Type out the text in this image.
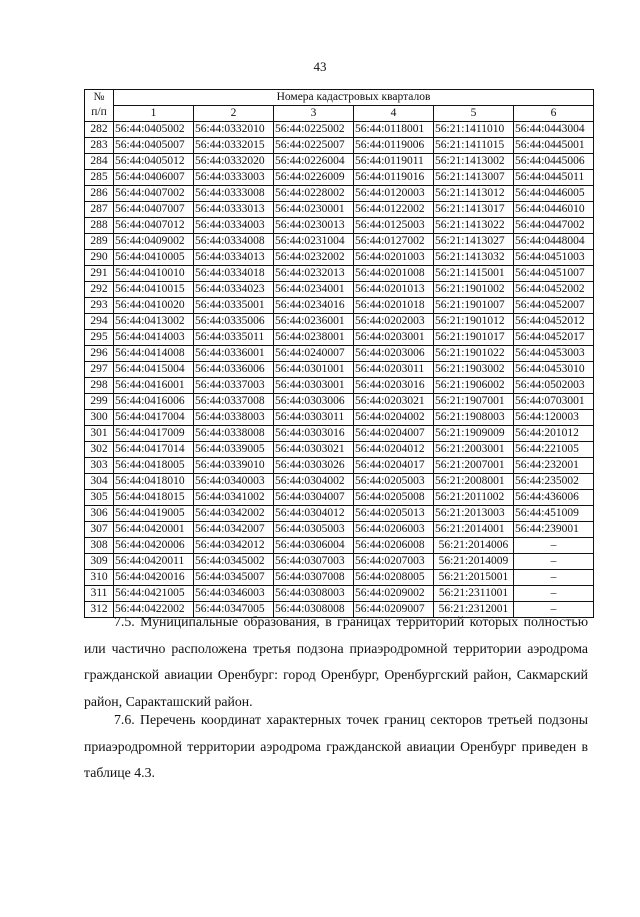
43
№
п/п	Номера кадастровых кварталов					
	1	2	3	4	5	6
282	56:44:0405002	56:44:0332010	56:44:0225002	56:44:0118001	56:21:1411010	56:44:0443004
283	56:44:0405007	56:44:0332015	56:44:0225007	56:44:0119006	56:21:1411015	56:44:0445001
284	56:44:0405012	56:44:0332020	56:44:0226004	56:44:0119011	56:21:1413002	56:44:0445006
285	56:44:0406007	56:44:0333003	56:44:0226009	56:44:0119016	56:21:1413007	56:44:0445011
286	56:44:0407002	56:44:0333008	56:44:0228002	56:44:0120003	56:21:1413012	56:44:0446005
287	56:44:0407007	56:44:0333013	56:44:0230001	56:44:0122002	56:21:1413017	56:44:0446010
288	56:44:0407012	56:44:0334003	56:44:0230013	56:44:0125003	56:21:1413022	56:44:0447002
289	56:44:0409002	56:44:0334008	56:44:0231004	56:44:0127002	56:21:1413027	56:44:0448004
290	56:44:0410005	56:44:0334013	56:44:0232002	56:44:0201003	56:21:1413032	56:44:0451003
291	56:44:0410010	56:44:0334018	56:44:0232013	56:44:0201008	56:21:1415001	56:44:0451007
292	56:44:0410015	56:44:0334023	56:44:0234001	56:44:0201013	56:21:1901002	56:44:0452002
293	56:44:0410020	56:44:0335001	56:44:0234016	56:44:0201018	56:21:1901007	56:44:0452007
294	56:44:0413002	56:44:0335006	56:44:0236001	56:44:0202003	56:21:1901012	56:44:0452012
295	56:44:0414003	56:44:0335011	56:44:0238001	56:44:0203001	56:21:1901017	56:44:0452017
296	56:44:0414008	56:44:0336001	56:44:0240007	56:44:0203006	56:21:1901022	56:44:0453003
297	56:44:0415004	56:44:0336006	56:44:0301001	56:44:0203011	56:21:1903002	56:44:0453010
298	56:44:0416001	56:44:0337003	56:44:0303001	56:44:0203016	56:21:1906002	56:44:0502003
299	56:44:0416006	56:44:0337008	56:44:0303006	56:44:0203021	56:21:1907001	56:44:0703001
300	56:44:0417004	56:44:0338003	56:44:0303011	56:44:0204002	56:21:1908003	56:44:120003
301	56:44:0417009	56:44:0338008	56:44:0303016	56:44:0204007	56:21:1909009	56:44:201012
302	56:44:0417014	56:44:0339005	56:44:0303021	56:44:0204012	56:21:2003001	56:44:221005
303	56:44:0418005	56:44:0339010	56:44:0303026	56:44:0204017	56:21:2007001	56:44:232001
304	56:44:0418010	56:44:0340003	56:44:0304002	56:44:0205003	56:21:2008001	56:44:235002
305	56:44:0418015	56:44:0341002	56:44:0304007	56:44:0205008	56:21:2011002	56:44:436006
306	56:44:0419005	56:44:0342002	56:44:0304012	56:44:0205013	56:21:2013003	56:44:451009
307	56:44:0420001	56:44:0342007	56:44:0305003	56:44:0206003	56:21:2014001	56:44:239001
308	56:44:0420006	56:44:0342012	56:44:0306004	56:44:0206008	56:21:2014006	–
309	56:44:0420011	56:44:0345002	56:44:0307003	56:44:0207003	56:21:2014009	–
310	56:44:0420016	56:44:0345007	56:44:0307008	56:44:0208005	56:21:2015001	–
311	56:44:0421005	56:44:0346003	56:44:0308003	56:44:0209002	56:21:2311001	–
312	56:44:0422002	56:44:0347005	56:44:0308008	56:44:0209007	56:21:2312001	–

7.5. Муниципальные образования, в границах территорий которых полностью или частично расположена третья подзона приаэродромной территории аэродрома гражданской авиации Оренбург: город Оренбург, Оренбургский район, Сакмарский район, Саракташский район.

7.6. Перечень координат характерных точек границ секторов третьей подзоны приаэродромной территории аэродрома гражданской авиации Оренбург приведен в таблице 4.3.
